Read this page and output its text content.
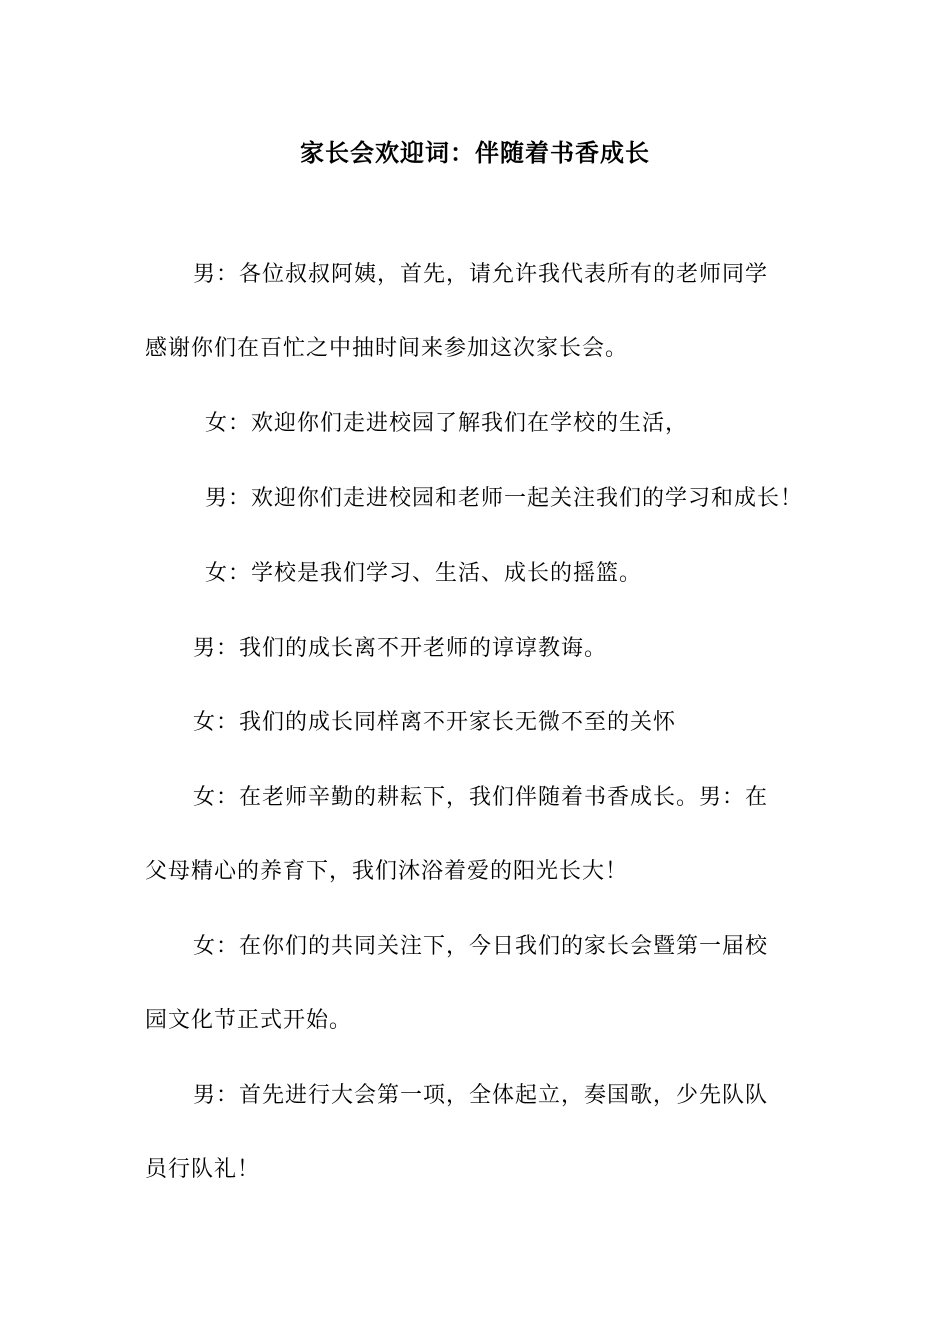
家长会欢迎词：伴随着书香成长
男：各位叔叔阿姨，首先，请允许我代表所有的老师同学
感谢你们在百忙之中抽时间来参加这次家长会。
女：欢迎你们走进校园了解我们在学校的生活，
男：欢迎你们走进校园和老师一起关注我们的学习和成长！
女：学校是我们学习、生活、成长的摇篮。
男：我们的成长离不开老师的谆谆教诲。
女：我们的成长同样离不开家长无微不至的关怀
女：在老师辛勤的耕耘下，我们伴随着书香成长。男：在
父母精心的养育下，我们沐浴着爱的阳光长大！
女：在你们的共同关注下，今日我们的家长会暨第一届校
园文化节正式开始。
男：首先进行大会第一项，全体起立，奏国歌，少先队队
员行队礼！
